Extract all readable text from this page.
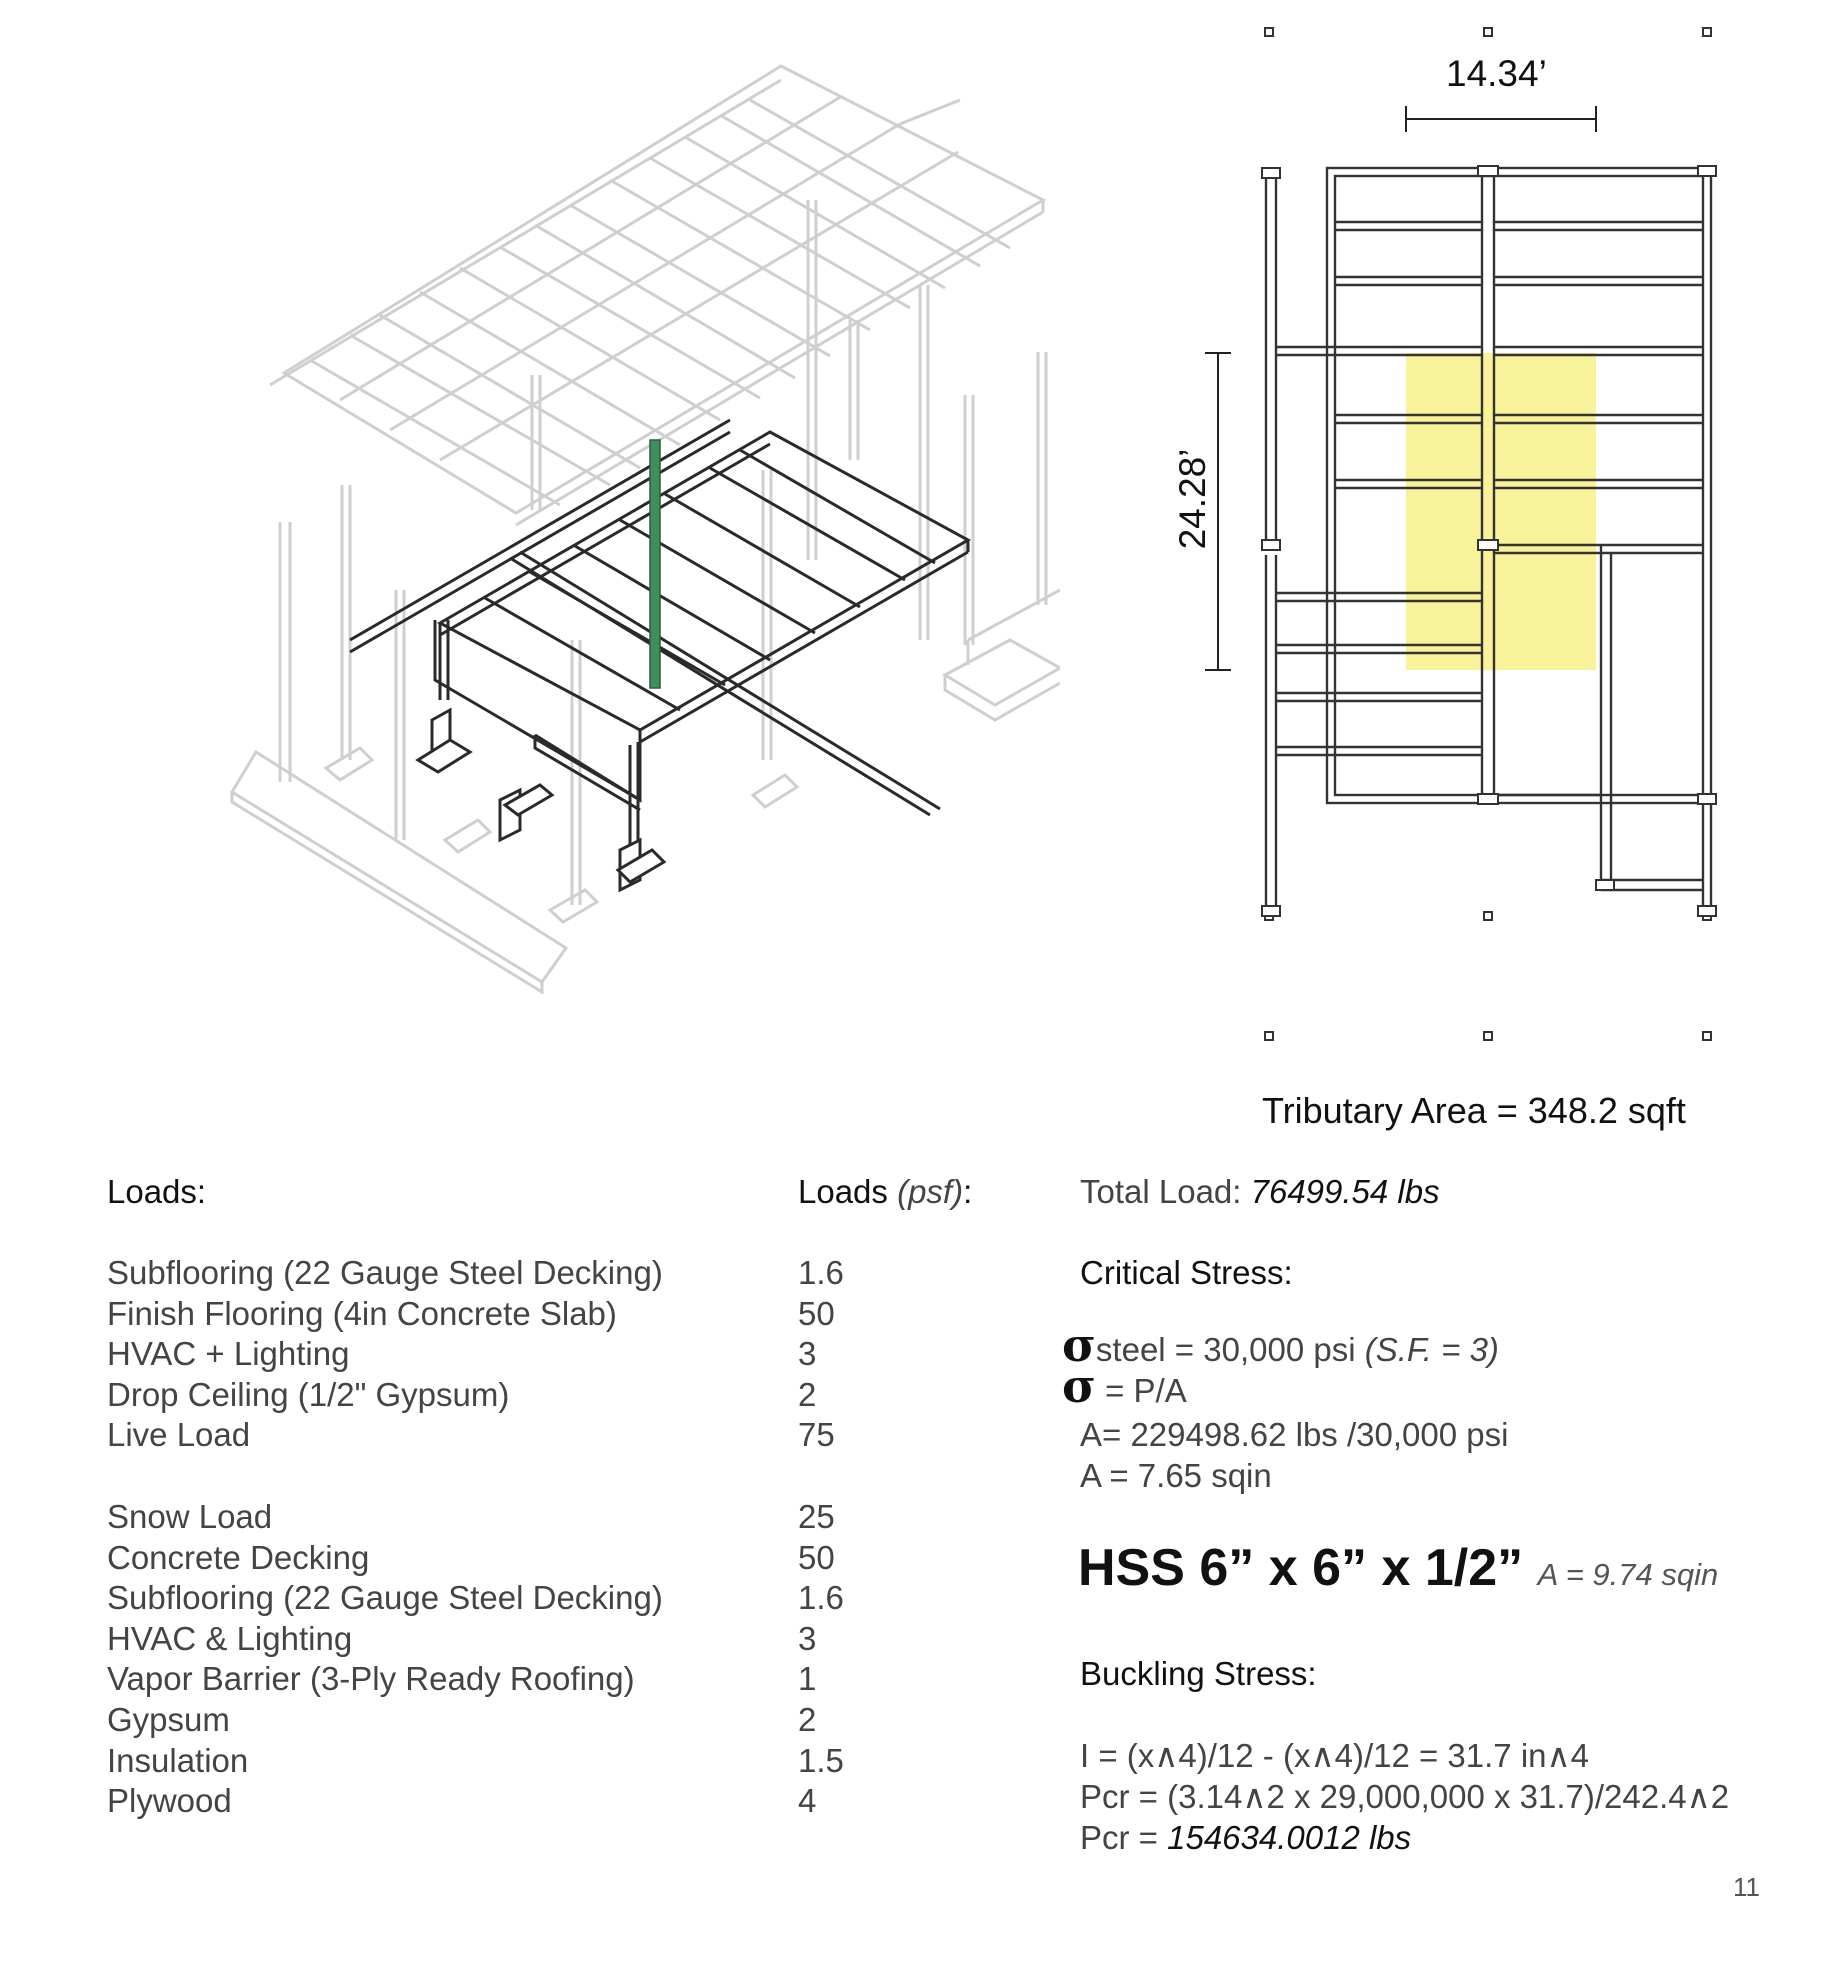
14.34’
24.28’
Tributary Area = 348.2 sqft
Loads:	Loads (psf):
Subflooring (22 Gauge Steel Decking)
Finish Flooring (4in Concrete Slab)
HVAC + Lighting
Drop Ceiling (1/2" Gypsum)
Live Load
1.6
50
3
2
75
Snow Load
Concrete Decking
Subflooring (22 Gauge Steel Decking)
HVAC & Lighting
Vapor Barrier (3-Ply Ready Roofing)
Gypsum
Insulation
Plywood
25
50
1.6
3
1
2
1.5
4
Total Load: 76499.54 lbs
Critical Stress:
σsteel = 30,000 psi (S.F. = 3)
σ = P/A
A= 229498.62 lbs /30,000 psi
A = 7.65 sqin
HSS 6” x 6” x 1/2” A = 9.74 sqin
Buckling Stress:
I = (x∧4)/12 - (x∧4)/12 = 31.7 in∧4
Pcr = (3.14∧2 x 29,000,000 x 31.7)/242.4∧2
Pcr = 154634.0012 lbs
11
